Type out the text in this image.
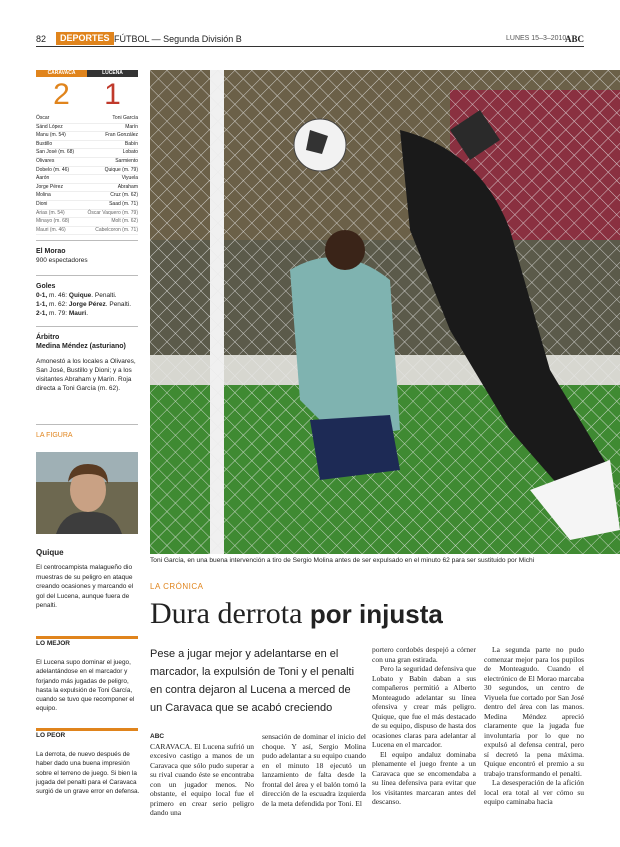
82	DEPORTES FÚTBOL — Segunda División B	LUNES 15–3–2010
ABC
CARAVACA	LUCENA
2	1
Óscar	Toni García
Sánd López	Marín
Manu (m. 54)	Fran González
Bustillo	Babín
San José (m. 68)	Lobato
Olivares	Sarmiento
Dobelo (m. 46)	Quique (m. 79)
Aarón	Viyuela
Jorge Pérez	Abraham
Molina	Cruz (m. 62)
Dioni	Saad (m. 71)
Arias (m. 54)	Óscar Vaquero (m. 79)
Minayo (m. 68)	Molt (m. 62)
Mauri (m. 46)	Cabelcoron (m. 71)
El Morao
900 espectadores
Goles
0-1, m. 46: Quique. Penalti.
1-1, m. 62: Jorge Pérez. Penalti.
2-1, m. 79: Mauri.
Árbitro
Medina Méndez (asturiano)
Amonestó a los locales a Olivares, San José, Bustillo y Dioni; y a los visitantes Abraham y Marín. Roja directa a Toni García (m. 62).
LA FIGURA
Quique
El centrocampista malagueño dio muestras de su peligro en ataque creando ocasiones y marcando el gol del Lucena, aunque fuera de penalti.
LO MEJOR
El Lucena supo dominar el juego, adelantándose en el marcador y forjando más jugadas de peligro, hasta la expulsión de Toni García, cuando se tuvo que recomponer el equipo.
LO PEOR
La derrota, de nuevo después de haber dado una buena impresión sobre el terreno de juego. Si bien la jugada del penalti para el Caravaca surgió de un grave error en defensa.
Toni García, en una buena intervención a tiro de Sergio Molina antes de ser expulsado en el minuto 62 para ser sustituido por Michi
LA CRÓNICA
Dura derrota por injusta
Pese a jugar mejor y adelantarse en el marcador, la expulsión de Toni y el penalti en contra dejaron al Lucena a merced de un Caravaca que se acabó creciendo
ABC

CARAVACA. El Lucena sufrió un excesivo castigo a manos de un Caravaca que sólo pudo superar a su rival cuando éste se encontraba con un jugador menos. No obstante, el equipo local fue el primero en crear serio peligro dando una

sensación de dominar el inicio del choque. Y así, Sergio Molina pudo adelantar a su equipo cuando en el minuto 18 ejecutó un lanzamiento de falta desde la frontal del área y el balón tomó la dirección de la escuadra izquierda de la meta defendida por Toni. El

portero cordobés despejó a córner con una gran estirada.

Pero la seguridad defensiva que Lobato y Babín daban a sus compañeros permitió a Alberto Monteagudo adelantar su línea ofensiva y crear más peligro. Quique, que fue el más destacado de su equipo, dispuso de hasta dos ocasiones claras para adelantar al Lucena en el marcador.

El equipo andaluz dominaba plenamente el juego frente a un Caravaca que se encomendaba a su línea defensiva para evitar que los visitantes marcaran antes del descanso.

La segunda parte no pudo comenzar mejor para los pupilos de Monteagudo. Cuando el electrónico de El Morao marcaba 30 segundos, un centro de Viyuela fue cortado por San José dentro del área con las manos. Medina Méndez apreció claramente que la jugada fue involuntaria por lo que no expulsó al defensa central, pero sí decretó la pena máxima. Quique encontró el premio a su trabajo transformando el penalti.

La desesperación de la afición local era total al ver cómo su equipo caminaba hacia
